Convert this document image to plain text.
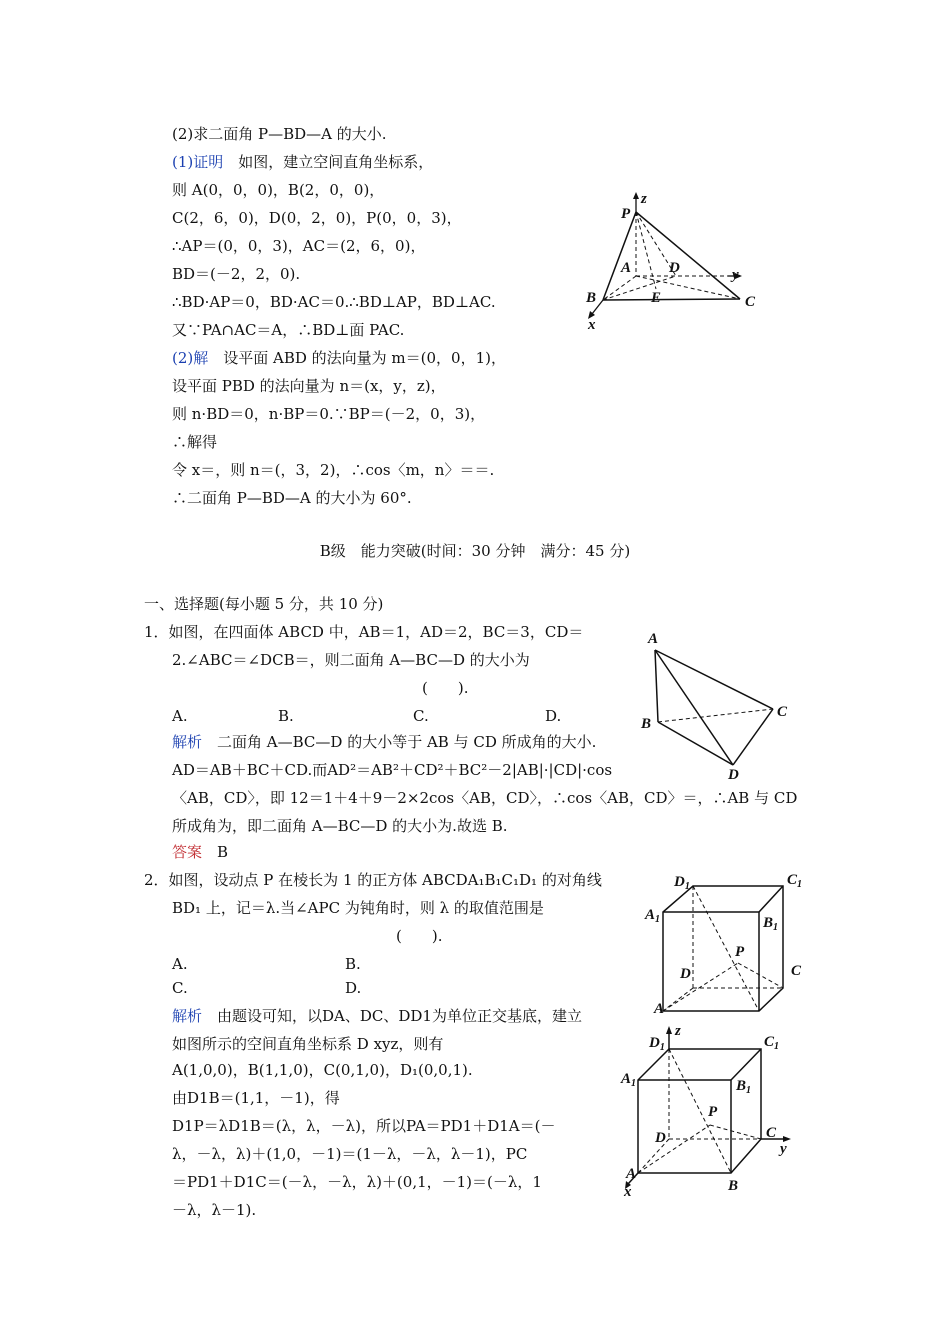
(2)求二面角 P—BD—A 的大小.
(1)证明　如图，建立空间直角坐标系，
则 A(0，0，0)，B(2，0，0)，
C(2，6，0)，D(0，2，0)，P(0，0，3)，
∴AP＝(0，0，3)，AC＝(2，6，0)，
BD＝(－2，2，0).
∴BD·AP＝0，BD·AC＝0.∴BD⊥AP，BD⊥AC.
又∵PA∩AC＝A，∴BD⊥面 PAC.
(2)解　设平面 ABD 的法向量为 m＝(0，0，1)，
设平面 PBD 的法向量为 n＝(x，y，z)，
则 n·BD＝0，n·BP＝0.∵BP＝(－2，0，3)，
∴解得
令 x＝，则 n＝(，3，2)，∴cos〈m，n〉＝＝.
∴二面角 P—BD—A 的大小为 60°.
P
z
A	D	y
B	E	C
x
B级　能力突破(时间：30 分钟　满分：45 分)
一、选择题(每小题 5 分，共 10 分)
1．如图，在四面体 ABCD 中，AB＝1，AD＝2，BC＝3，CD＝
2.∠ABC＝∠DCB＝，则二面角 A—BC—D 的大小为
(　　).
A.	B.	C.	D.
解析　二面角 A—BC—D 的大小等于 AB 与 CD 所成角的大小.
AD＝AB＋BC＋CD.而AD²＝AB²＋CD²＋BC²－2|AB|·|CD|·cos
〈AB，CD〉，即 12＝1＋4＋9－2×2cos〈AB，CD〉，∴cos〈AB，CD〉＝，∴AB 与 CD
所成角为，即二面角 A—BC—D 的大小为.故选 B.
答案　B
A
B
C
D
2．如图，设动点 P 在棱长为 1 的正方体 ABCDA₁B₁C₁D₁ 的对角线
BD₁ 上，记＝λ.当∠APC 为钝角时，则 λ 的取值范围是
(　　).
A.	B.
C.	D.
解析　由题设可知，以DA、DC、DD1为单位正交基底，建立
如图所示的空间直角坐标系 D xyz，则有
A(1,0,0)，B(1,1,0)，C(0,1,0)，D₁(0,0,1).
由D1B＝(1,1，－1)，得
D1P＝λD1B＝(λ，λ，－λ)，所以PA＝PD1＋D1A＝(－
λ，－λ，λ)＋(1,0，－1)＝(1－λ，－λ，λ－1)，PC
＝PD1＋D1C＝(－λ，－λ，λ)＋(0,1，－1)＝(－λ，1
－λ，λ－1).
$D_1$	$C_1$
$A_1$	$B_1$
P
D	C
A
$D_1$
z
$C_1$
$A_1$	$B_1$
P
D	C
y
A
x	B
